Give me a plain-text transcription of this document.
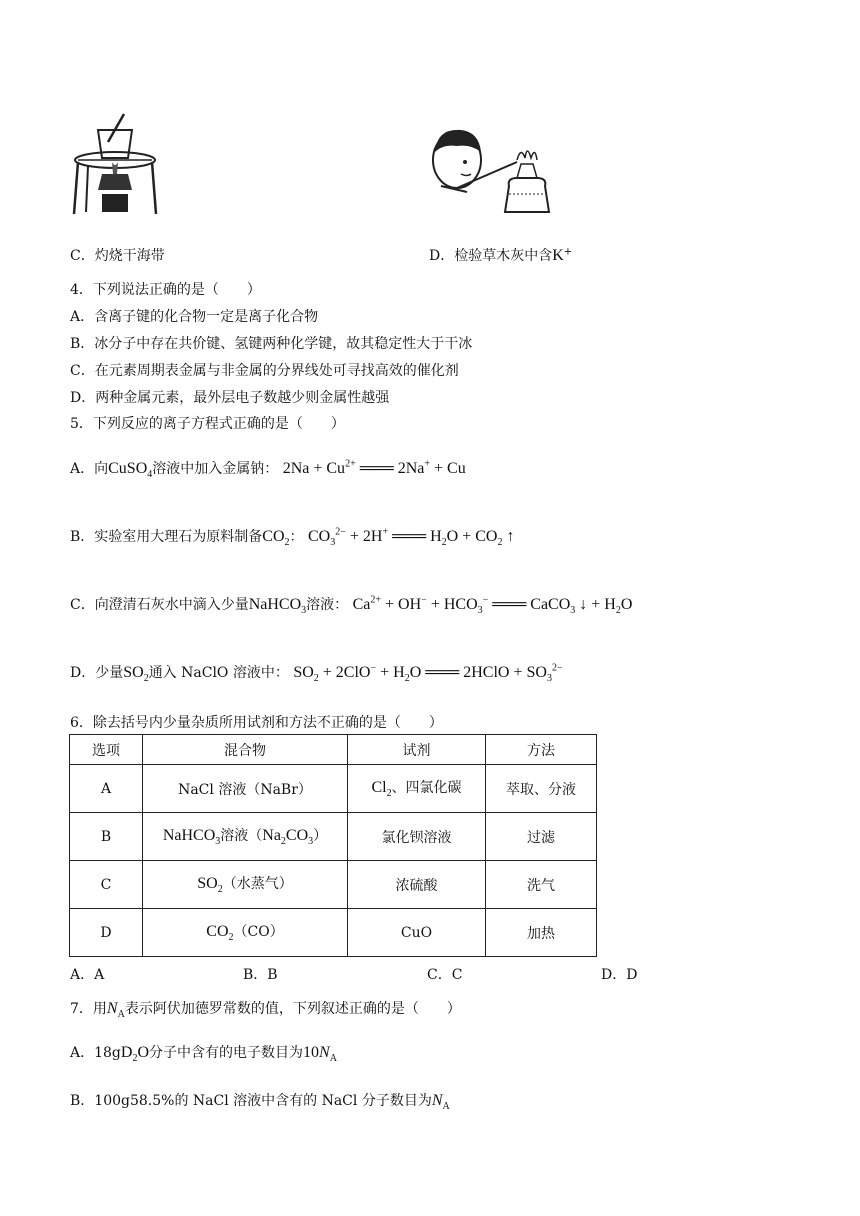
C．灼烧干海带	D．检验草木灰中含K+
4．下列说法正确的是（　　）
A．含离子键的化合物一定是离子化合物
B．冰分子中存在共价键、氢键两种化学键，故其稳定性大于干冰
C．在元素周期表金属与非金属的分界线处可寻找高效的催化剂
D．两种金属元素，最外层电子数越少则金属性越强
5．下列反应的离子方程式正确的是（　　）
A．向CuSO$_4$溶液中加入金属钠： $2Na + Cu^{2+}$ ═══ 2Na+ + Cu
B．实验室用大理石为原料制备$CO_2$： $CO_3^{2-} + 2H^+$ ═══ $H_2O + CO_2$ ↑
C．向澄清石灰水中滴入少量NaHCO$_3$溶液： $Ca^{2+} + OH^- + HCO_3^-$ ═══ CaCO$_3$ ↓ + $H_2O$
D．少量$SO_2$通入 NaClO 溶液中： $SO_2 + 2ClO^- + H_2O$ ═══ 2HClO + $SO_3^{2-}$
6．除去括号内少量杂质所用试剂和方法不正确的是（　　）
选项	混合物	试剂	方法
A	NaCl 溶液（NaBr）	$Cl_2$、四氯化碳	萃取、分液
B	NaHCO$_3$溶液$(Na_2CO_3)$	氯化钡溶液	过滤
C	$SO_2$（水蒸气）	浓硫酸	洗气
D	$CO_2(CO)$	CuO	加热
A．A	B．B	C．C	D．D
7．用$N_A$表示阿伏加德罗常数的值，下列叙述正确的是（　　）
A．$18gD_2O$分子中含有的电子数目为$10N_A$
B．100g58.5%的 NaCl 溶液中含有的 NaCl 分子数目为$N_A$
